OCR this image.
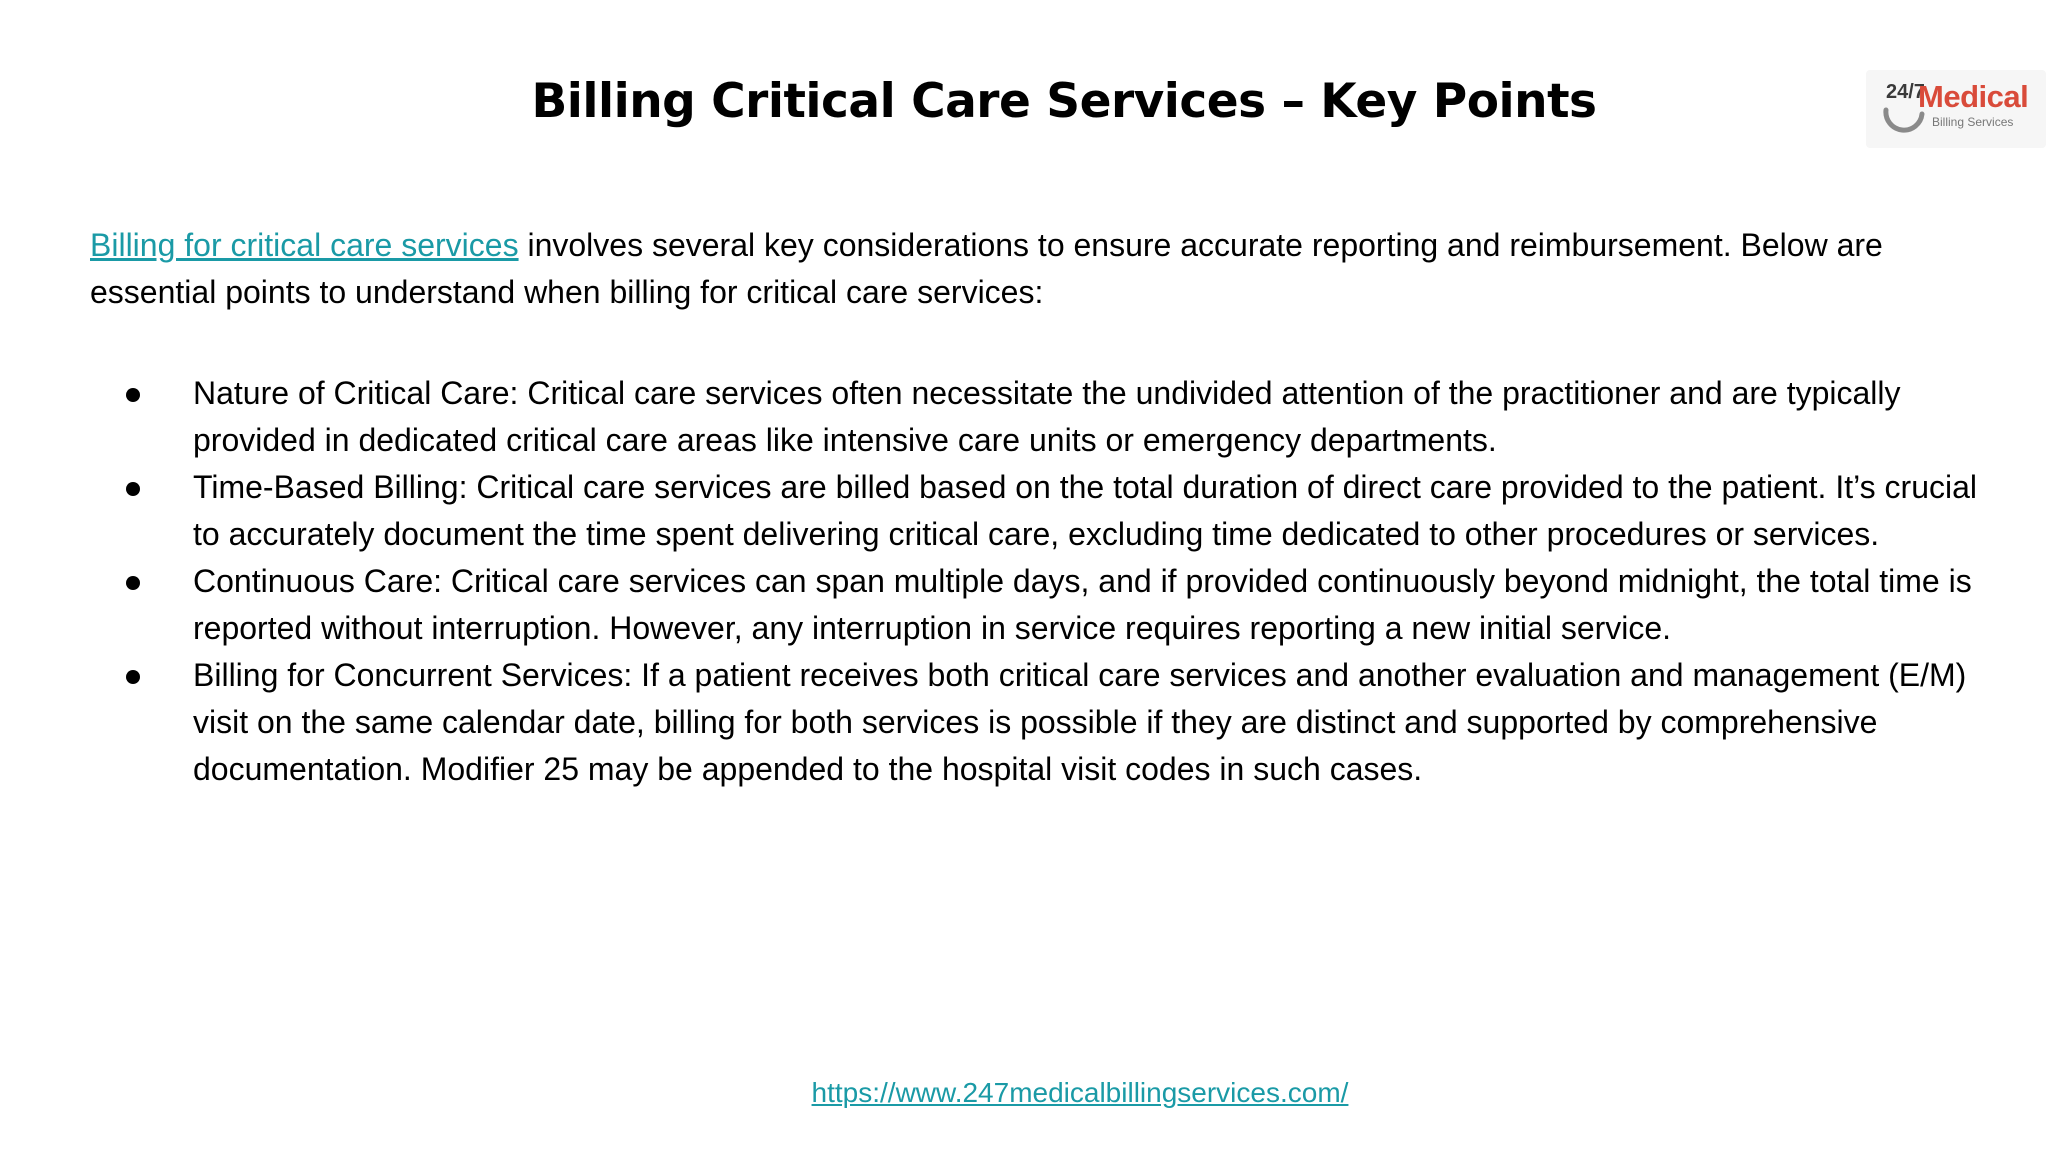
Billing Critical Care Services – Key Points	24/7
Medical
Billing Services
Billing for critical care services involves several key considerations to ensure accurate reporting and reimbursement. Below are essential points to understand when billing for critical care services:
Nature of Critical Care: Critical care services often necessitate the undivided attention of the practitioner and are typically provided in dedicated critical care areas like intensive care units or emergency departments.
Time-Based Billing: Critical care services are billed based on the total duration of direct care provided to the patient. It’s crucial to accurately document the time spent delivering critical care, excluding time dedicated to other procedures or services.
Continuous Care: Critical care services can span multiple days, and if provided continuously beyond midnight, the total time is reported without interruption. However, any interruption in service requires reporting a new initial service.
Billing for Concurrent Services: If a patient receives both critical care services and another evaluation and management (E/M) visit on the same calendar date, billing for both services is possible if they are distinct and supported by comprehensive documentation. Modifier 25 may be appended to the hospital visit codes in such cases.
https://www.247medicalbillingservices.com/
